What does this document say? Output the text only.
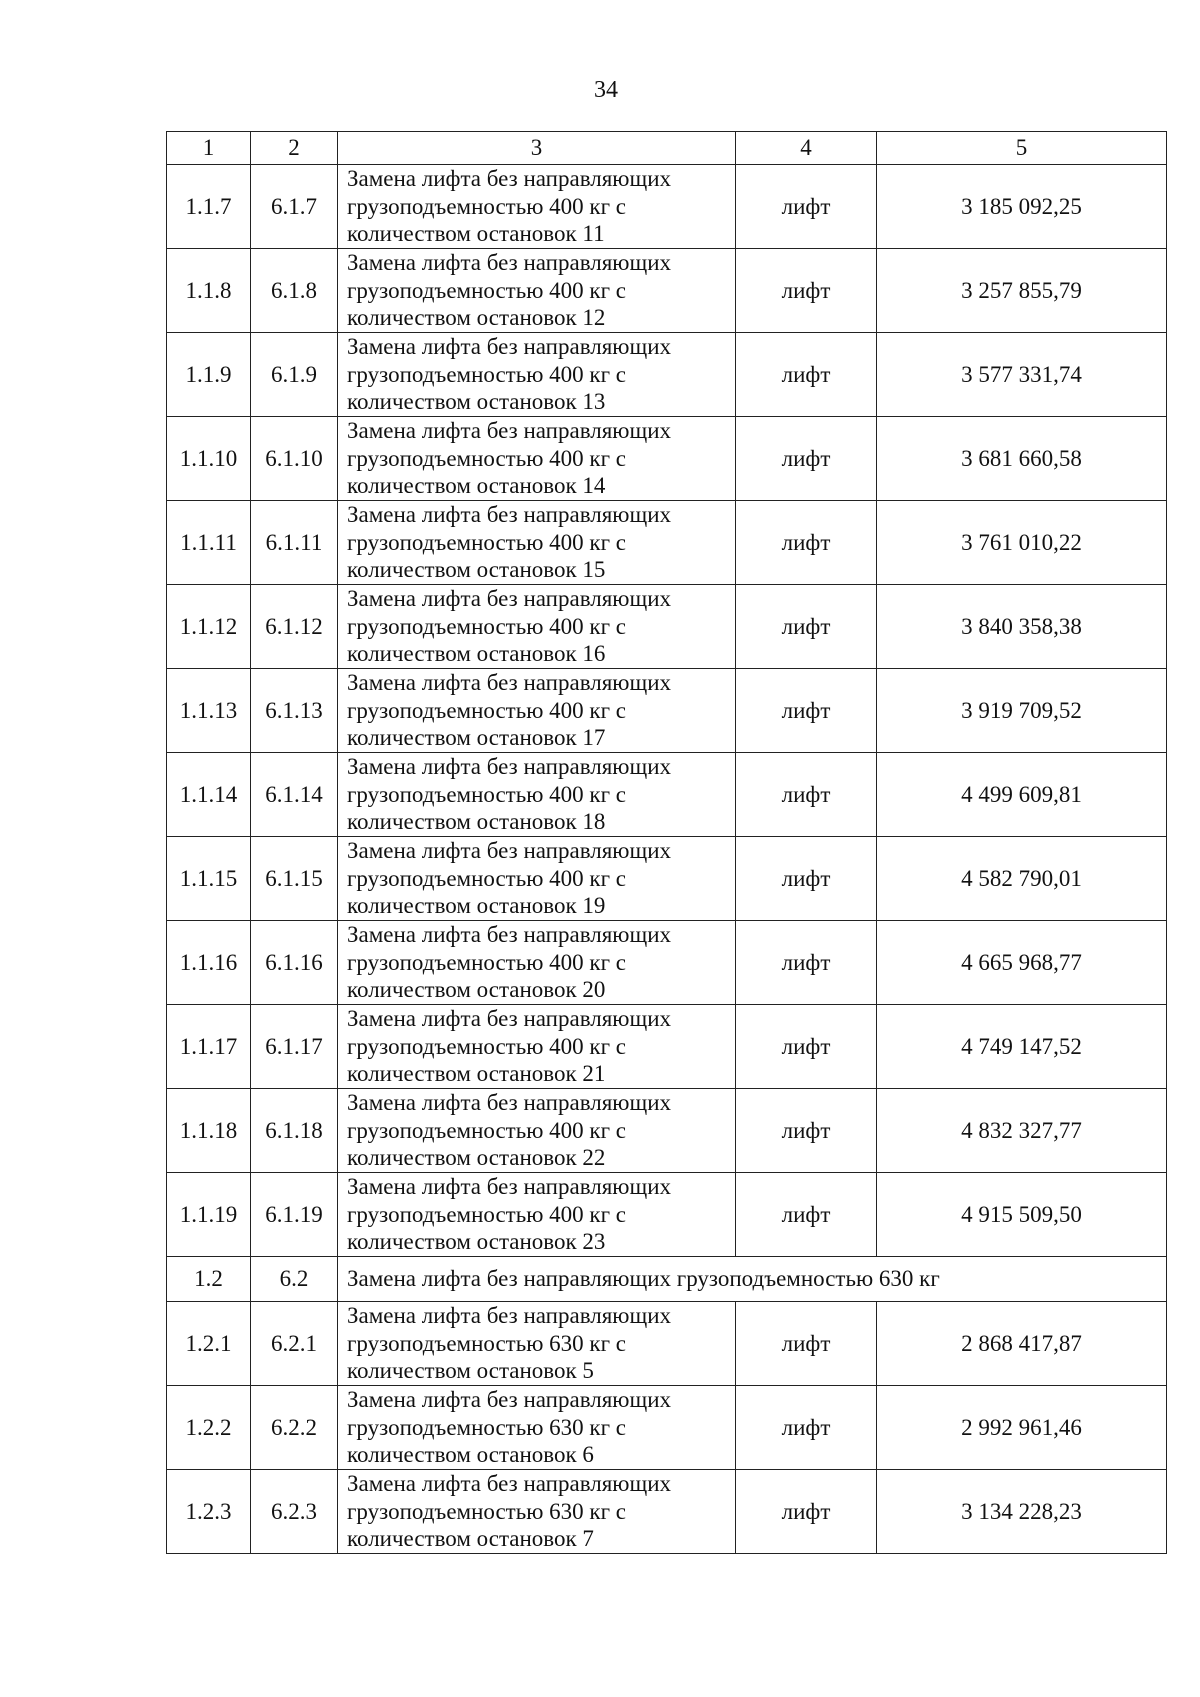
34
1	2	3	4	5
1.1.7	6.1.7	Замена лифта без направляющих
грузоподъемностью 400 кг с
количеством остановок 11	лифт	3 185 092,25
1.1.8	6.1.8	Замена лифта без направляющих
грузоподъемностью 400 кг с
количеством остановок 12	лифт	3 257 855,79
1.1.9	6.1.9	Замена лифта без направляющих
грузоподъемностью 400 кг с
количеством остановок 13	лифт	3 577 331,74
1.1.10	6.1.10	Замена лифта без направляющих
грузоподъемностью 400 кг с
количеством остановок 14	лифт	3 681 660,58
1.1.11	6.1.11	Замена лифта без направляющих
грузоподъемностью 400 кг с
количеством остановок 15	лифт	3 761 010,22
1.1.12	6.1.12	Замена лифта без направляющих
грузоподъемностью 400 кг с
количеством остановок 16	лифт	3 840 358,38
1.1.13	6.1.13	Замена лифта без направляющих
грузоподъемностью 400 кг с
количеством остановок 17	лифт	3 919 709,52
1.1.14	6.1.14	Замена лифта без направляющих
грузоподъемностью 400 кг с
количеством остановок 18	лифт	4 499 609,81
1.1.15	6.1.15	Замена лифта без направляющих
грузоподъемностью 400 кг с
количеством остановок 19	лифт	4 582 790,01
1.1.16	6.1.16	Замена лифта без направляющих
грузоподъемностью 400 кг с
количеством остановок 20	лифт	4 665 968,77
1.1.17	6.1.17	Замена лифта без направляющих
грузоподъемностью 400 кг с
количеством остановок 21	лифт	4 749 147,52
1.1.18	6.1.18	Замена лифта без направляющих
грузоподъемностью 400 кг с
количеством остановок 22	лифт	4 832 327,77
1.1.19	6.1.19	Замена лифта без направляющих
грузоподъемностью 400 кг с
количеством остановок 23	лифт	4 915 509,50
1.2	6.2	Замена лифта без направляющих грузоподъемностью 630 кг		
1.2.1	6.2.1	Замена лифта без направляющих
грузоподъемностью 630 кг с
количеством остановок 5	лифт	2 868 417,87
1.2.2	6.2.2	Замена лифта без направляющих
грузоподъемностью 630 кг с
количеством остановок 6	лифт	2 992 961,46
1.2.3	6.2.3	Замена лифта без направляющих
грузоподъемностью 630 кг с
количеством остановок 7	лифт	3 134 228,23
